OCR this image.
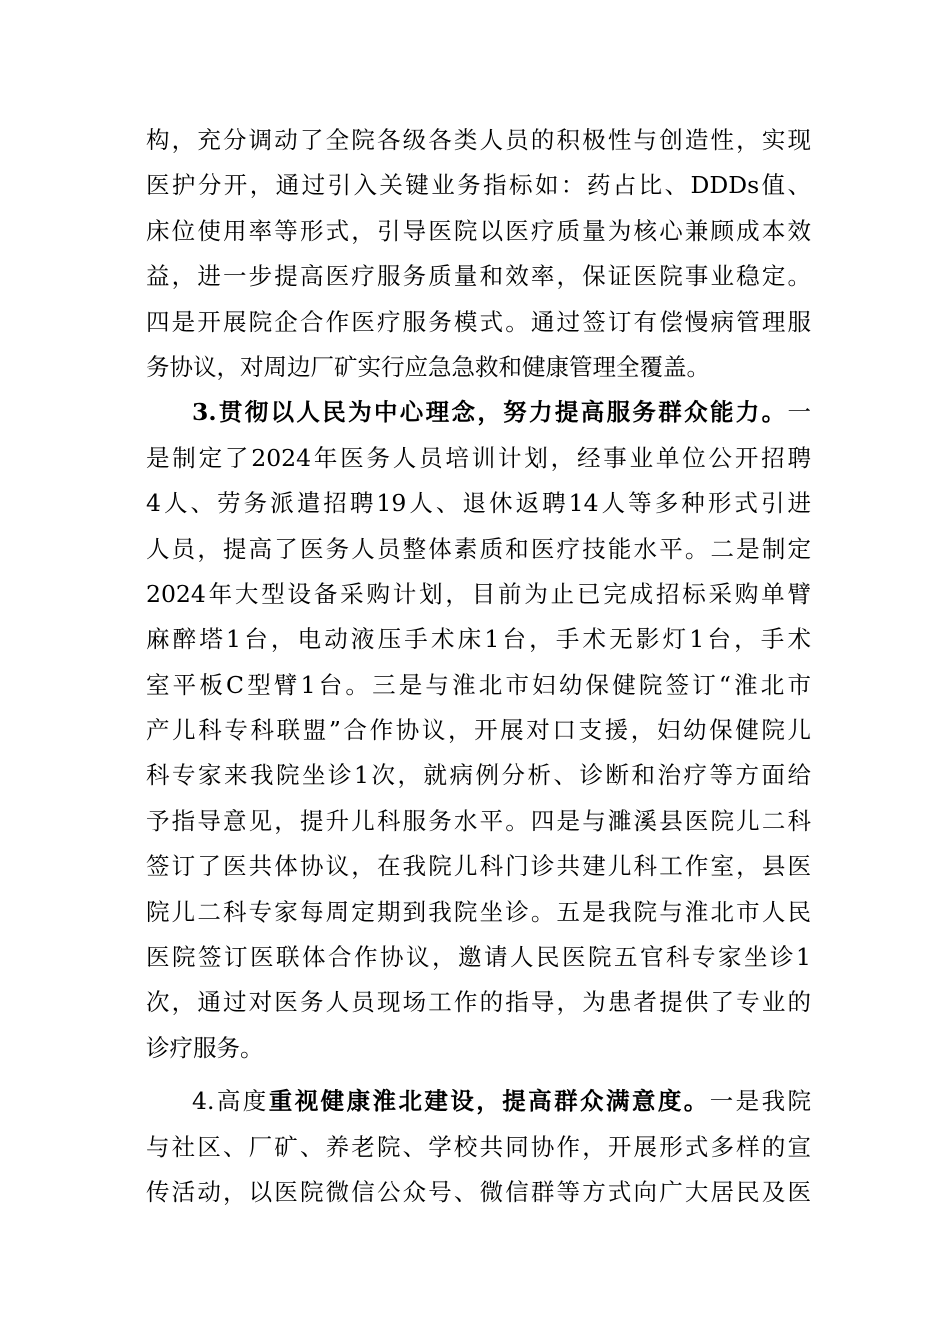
构，充分调动了全院各级各类人员的积极性与创造性，实现
医护分开，通过引入关键业务指标如：药占比、DDDs值、
床位使用率等形式，引导医院以医疗质量为核心兼顾成本效
益，进一步提高医疗服务质量和效率，保证医院事业稳定。
四是开展院企合作医疗服务模式。通过签订有偿慢病管理服
务协议，对周边厂矿实行应急急救和健康管理全覆盖。
3.贯彻以人民为中心理念，努力提高服务群众能力。一
是制定了2024年医务人员培训计划，经事业单位公开招聘
4人、劳务派遣招聘19人、退休返聘14人等多种形式引进
人员，提高了医务人员整体素质和医疗技能水平。二是制定
2024年大型设备采购计划，目前为止已完成招标采购单臂
麻醉塔1台，电动液压手术床1台，手术无影灯1台，手术
室平板C型臂1台。三是与淮北市妇幼保健院签订“淮北市
产儿科专科联盟”合作协议，开展对口支援，妇幼保健院儿
科专家来我院坐诊1次，就病例分析、诊断和治疗等方面给
予指导意见，提升儿科服务水平。四是与濉溪县医院儿二科
签订了医共体协议，在我院儿科门诊共建儿科工作室，县医
院儿二科专家每周定期到我院坐诊。五是我院与淮北市人民
医院签订医联体合作协议，邀请人民医院五官科专家坐诊1
次，通过对医务人员现场工作的指导，为患者提供了专业的
诊疗服务。
4.高度重视健康淮北建设，提高群众满意度。一是我院
与社区、厂矿、养老院、学校共同协作，开展形式多样的宣
传活动，以医院微信公众号、微信群等方式向广大居民及医
